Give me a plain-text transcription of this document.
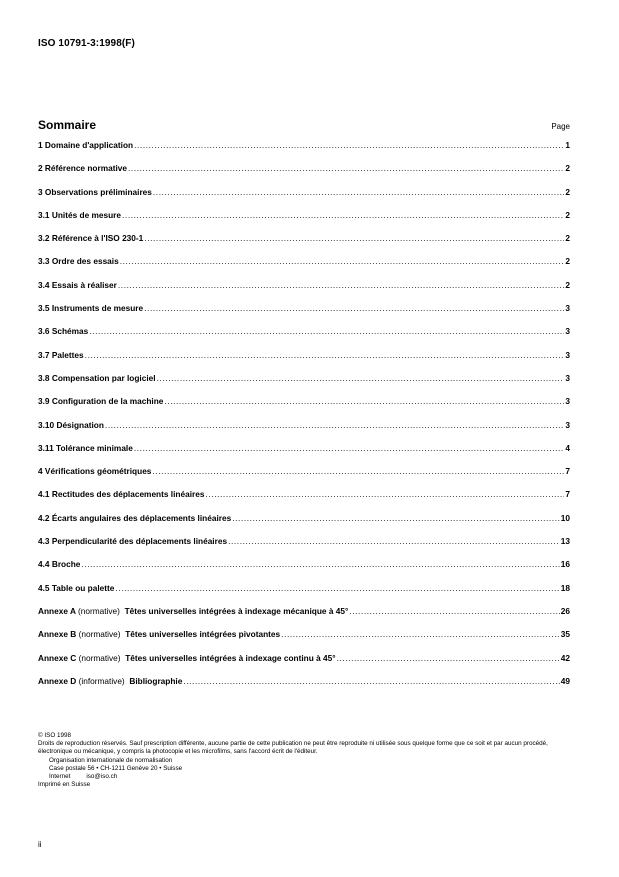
ISO 10791-3:1998(F)
Sommaire	Page
1 Domaine d'application .....	1
2 Référence normative .....	2
3 Observations préliminaires .....	2
3.1 Unités de mesure .....	2
3.2 Référence à l'ISO 230-1 .....	2
3.3 Ordre des essais .....	2
3.4 Essais à réaliser .....	2
3.5 Instruments de mesure .....	3
3.6 Schémas .....	3
3.7 Palettes .....	3
3.8 Compensation par logiciel .....	3
3.9 Configuration de la machine .....	3
3.10 Désignation .....	3
3.11 Tolérance minimale .....	4
4 Vérifications géométriques .....	7
4.1 Rectitudes des déplacements linéaires .....	7
4.2 Écarts angulaires des déplacements linéaires .....	10
4.3 Perpendicularité des déplacements linéaires .....	13
4.4 Broche .....	16
4.5 Table ou palette .....	18
Annexe A (normative) Têtes universelles intégrées à indexage mécanique à 45° .....	26
Annexe B (normative) Têtes universelles intégrées pivotantes .....	35
Annexe C (normative) Têtes universelles intégrées à indexage continu à 45° .....	42
Annexe D (informative) Bibliographie .....	49
© ISO 1998
Droits de reproduction réservés. Sauf prescription différente, aucune partie de cette publication ne peut être reproduite ni utilisée sous quelque forme que ce soit et par aucun procédé, électronique ou mécanique, y compris la photocopie et les microfilms, sans l'accord écrit de l'éditeur.
Organisation internationale de normalisation
Case postale 56 • CH-1211 Genève 20 • Suisse
Internet	iso@iso.ch
Imprimé en Suisse
ii
